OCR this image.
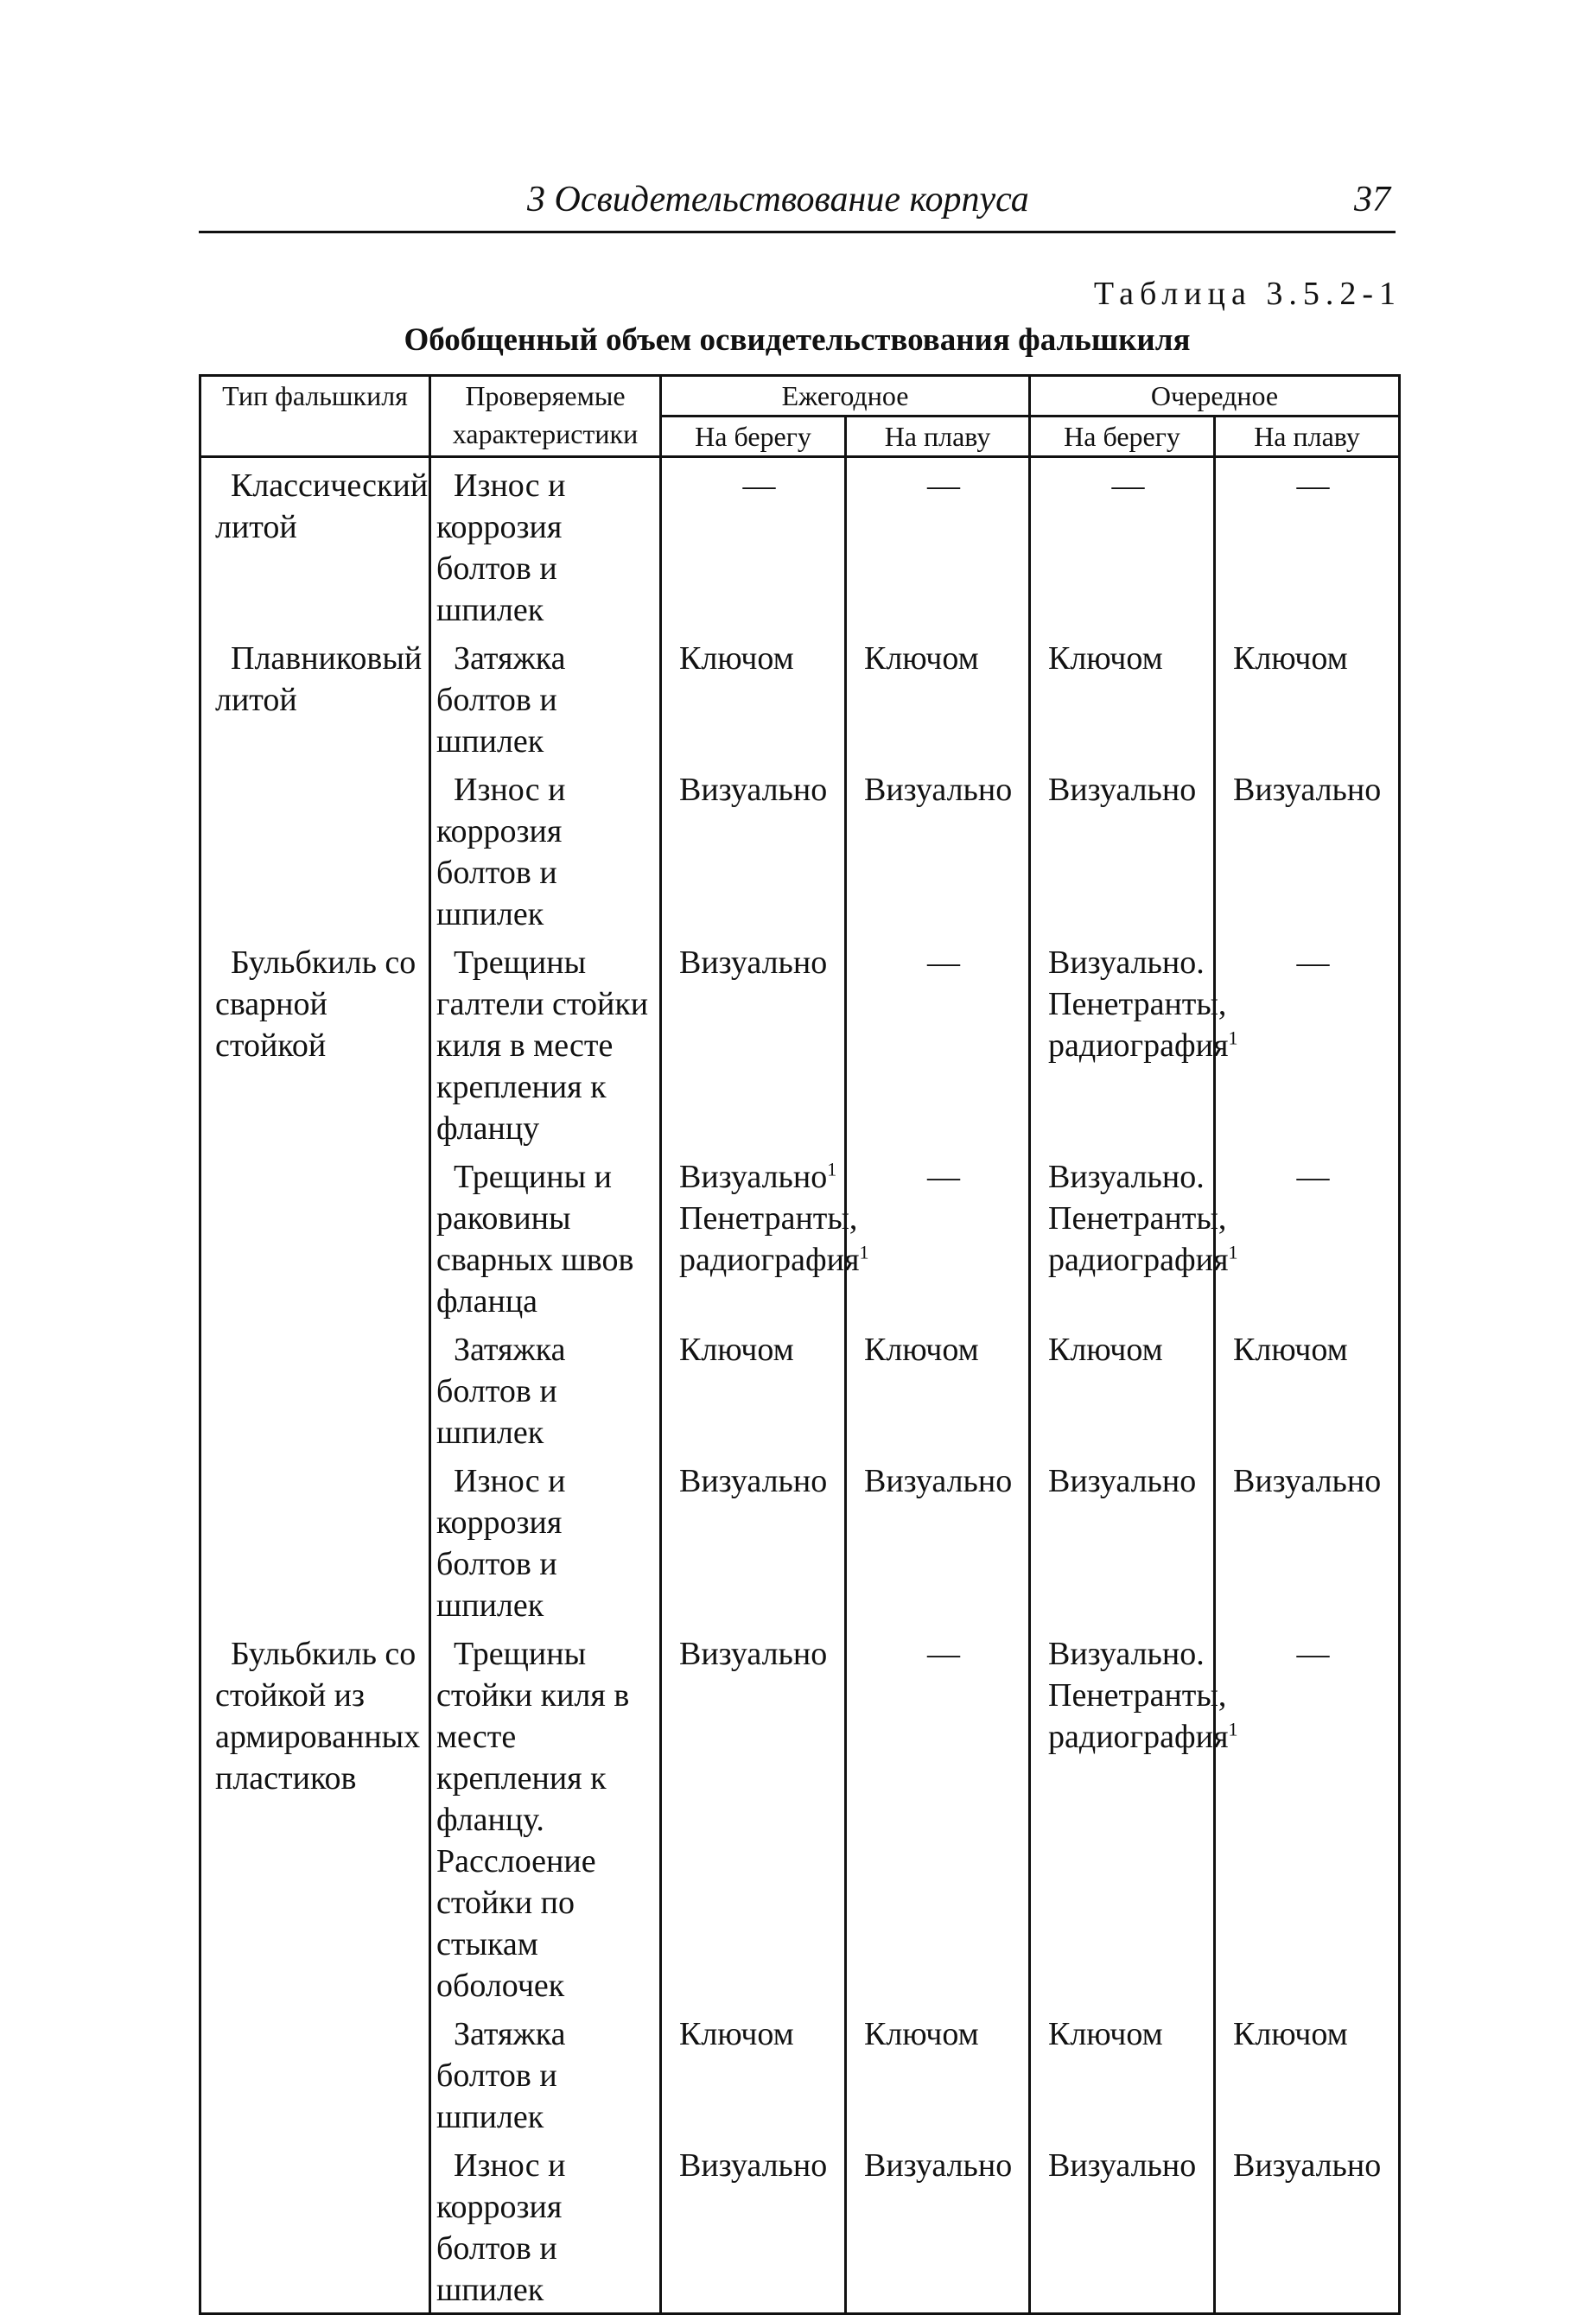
3 Освидетельствование корпуса	37
Таблица 3.5.2-1
Обобщенный объем освидетельствования фальшкиля
Тип фальшкиля	Проверяемые характеристики	Ежегодное		Очередное	
		На берегу	На плаву	На берегу	На плаву

Классический литой	Износ и коррозия болтов и шпилек	—	—	—	—

Плавниковый литой	Затяжка болтов и шпилек	Ключом	Ключом	Ключом	Ключом

	Износ и коррозия болтов и шпилек	Визуально	Визуально	Визуально	Визуально

Бульбкиль со сварной стойкой	Трещины галтели стойки киля в месте крепления к фланцу	Визуально	—	Визуально. Пенетранты, радиография$^1$	—

	Трещины и раковины сварных швов фланца	Визуально$^1$ Пенетранты, радиография$^1$	—	Визуально. Пенетранты, радиография$^1$	—

	Затяжка болтов и шпилек	Ключом	Ключом	Ключом	Ключом

	Износ и коррозия болтов и шпилек	Визуально	Визуально	Визуально	Визуально

Бульбкиль со стойкой из армированных пластиков	Трещины стойки киля в месте крепления к фланцу. Расслоение стойки по стыкам оболочек	Визуально	—	Визуально. Пенетранты, радиография$^1$	—

	Затяжка болтов и шпилек	Ключом	Ключом	Ключом	Ключом

	Износ и коррозия болтов и шпилек	Визуально	Визуально	Визуально	Визуально
